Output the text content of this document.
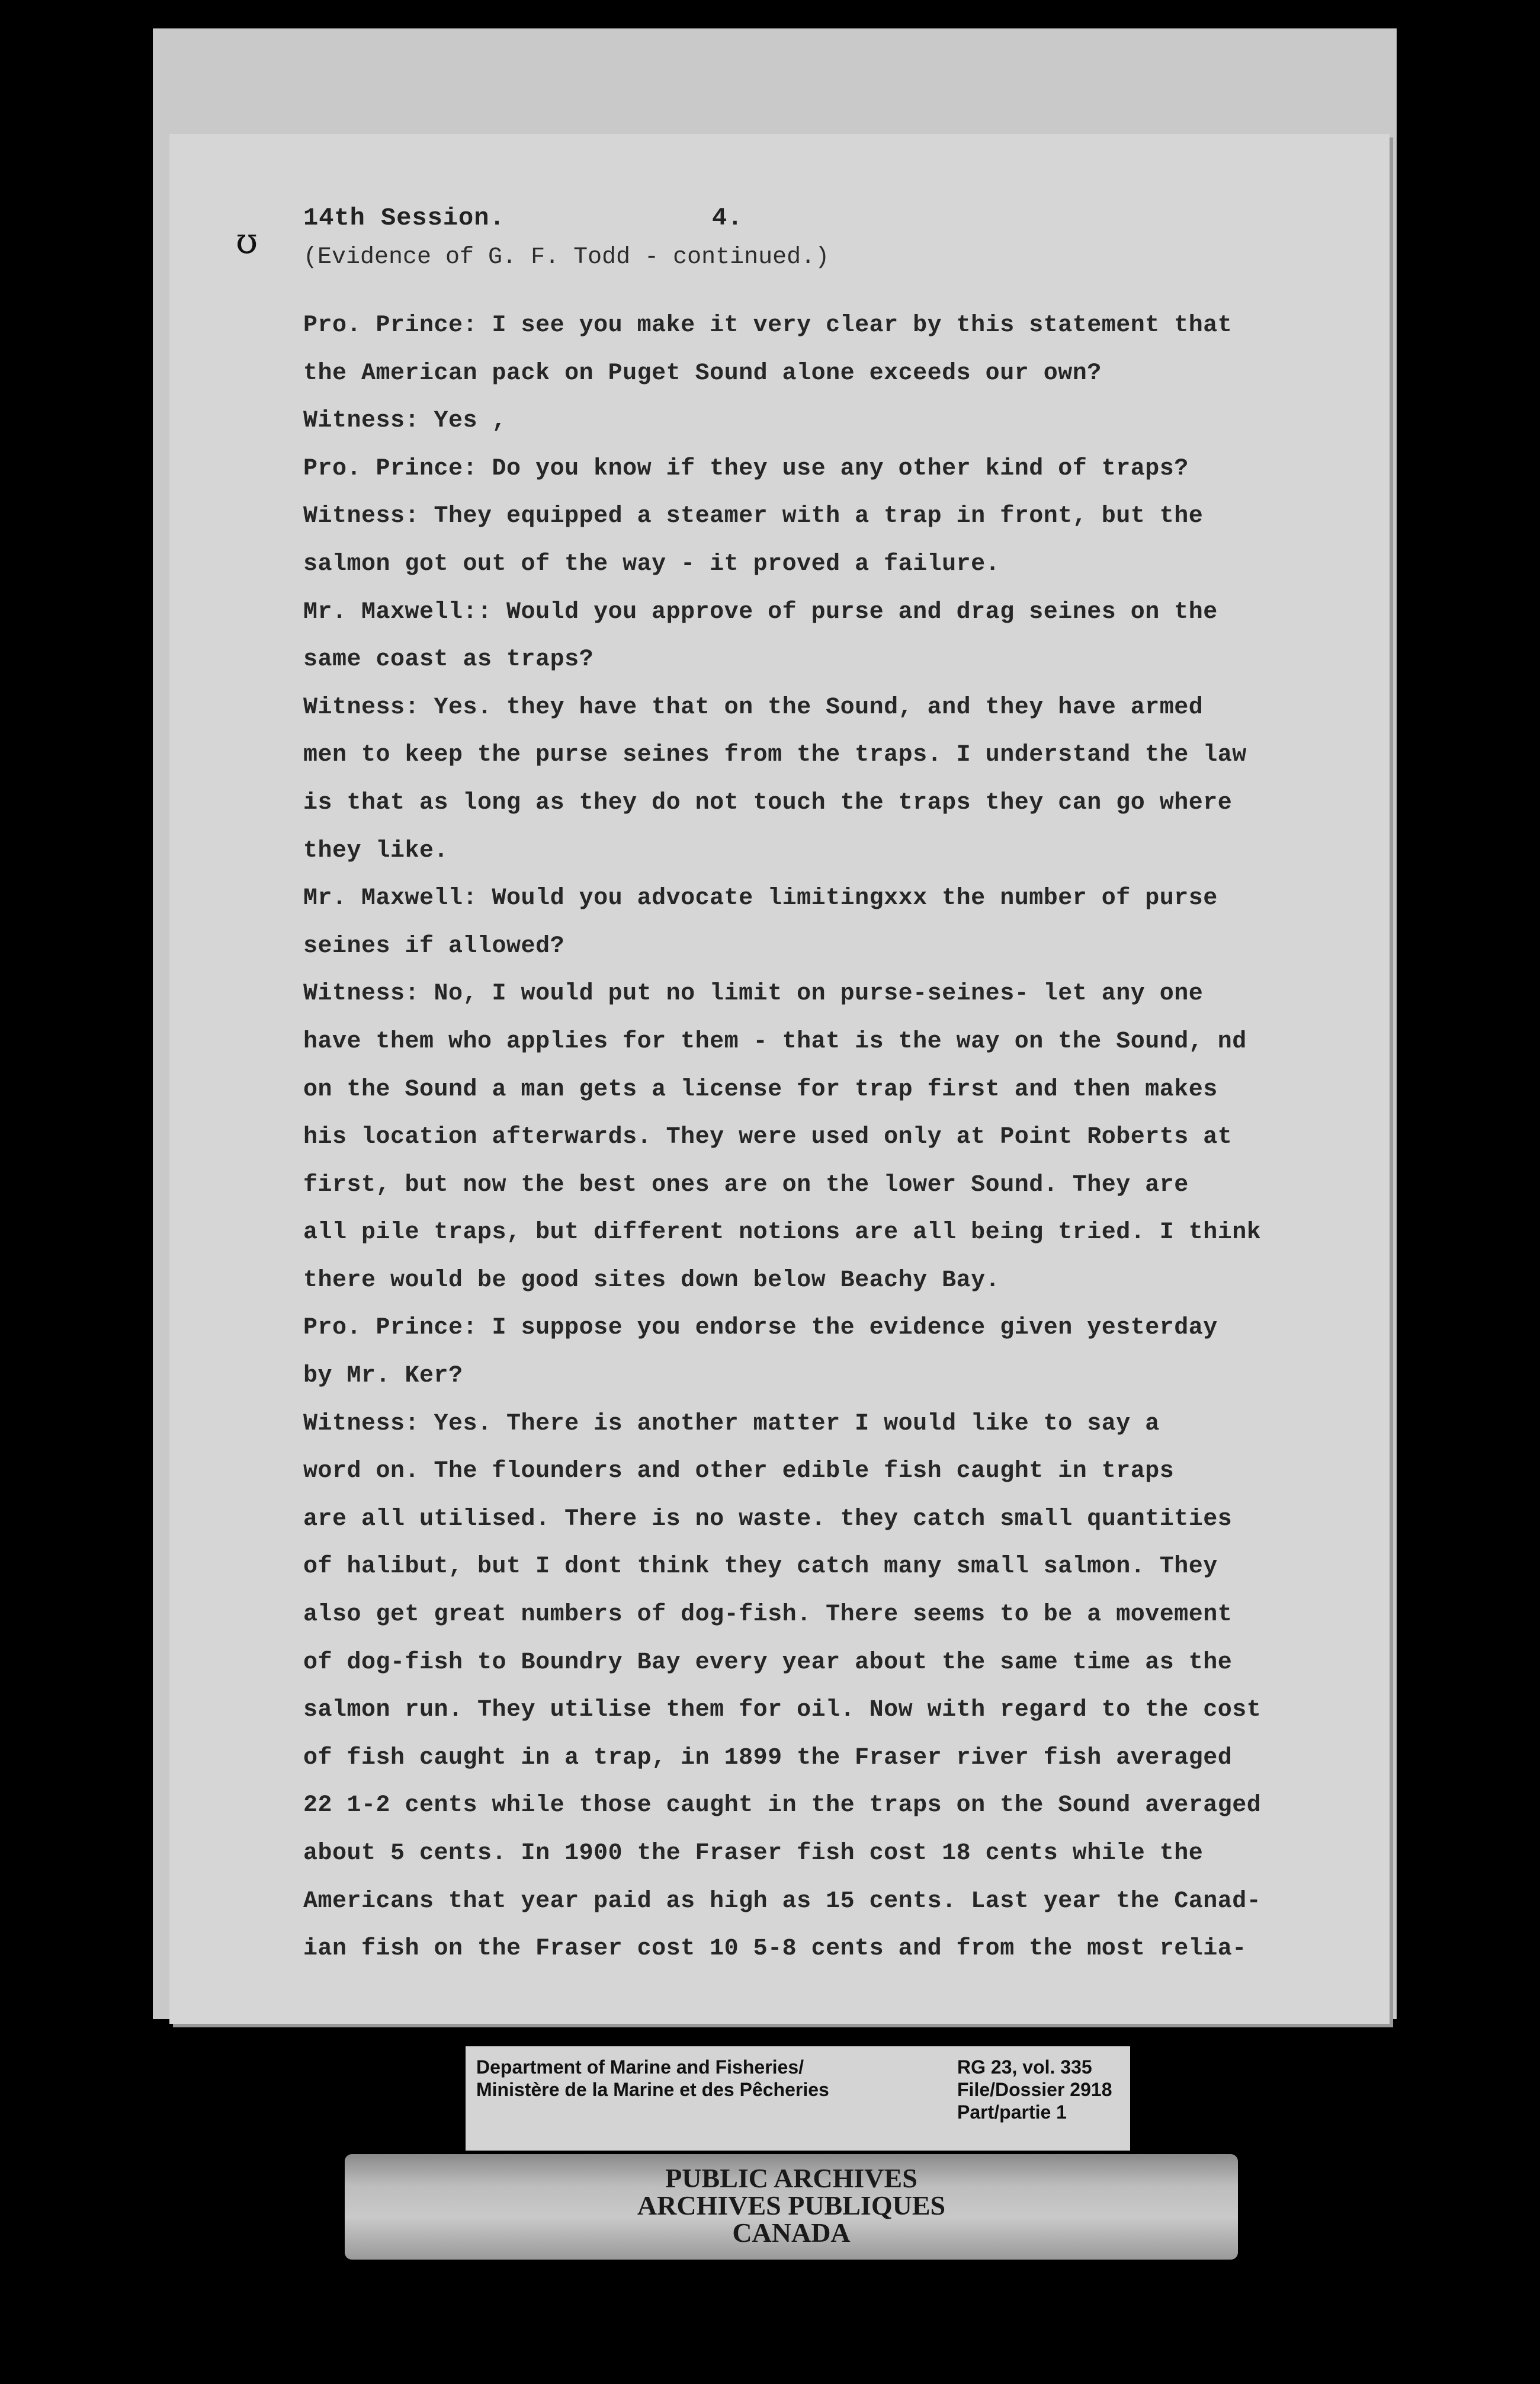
14th Session.	4.
(Evidence of G. F. Todd - continued.)
Pro. Prince: I see you make it very clear by this statement that
the American pack on Puget Sound alone exceeds our own?
Witness: Yes ,
Pro. Prince: Do you know if they use any other kind of traps?
Witness: They equipped a steamer with a trap in front, but the
salmon got out of the way - it proved a failure.
Mr. Maxwell:: Would you approve of purse and drag seines on the
same coast as traps?
Witness: Yes. they have that on the Sound, and they have armed
men to keep the purse seines from the traps. I understand the law
is that as long as they do not touch the traps they can go where
they like.
Mr. Maxwell: Would you advocate limitingxxx the number of purse
seines if allowed?
Witness: No, I would put no limit on purse-seines- let any one
have them who applies for them - that is the way on the Sound, nd
on the Sound a man gets a license for trap first and then makes
his location afterwards. They were used only at Point Roberts at
first, but now the best ones are on the lower Sound. They are
all pile traps, but different notions are all being tried. I think
there would be good sites down below Beachy Bay.
Pro. Prince: I suppose you endorse the evidence given yesterday
by Mr. Ker?
Witness: Yes. There is another matter I would like to say a
word on. The flounders and other edible fish caught in traps
are all utilised. There is no waste. they catch small quantities
of halibut, but I dont think they catch many small salmon. They
also get great numbers of dog-fish. There seems to be a movement
of dog-fish to Boundry Bay every year about the same time as the
salmon run. They utilise them for oil. Now with regard to the cost
of fish caught in a trap, in 1899 the Fraser river fish averaged
22 1-2 cents while those caught in the traps on the Sound averaged
about 5 cents. In 1900 the Fraser fish cost 18 cents while the
Americans that year paid as high as 15 cents. Last year the Canad-
ian fish on the Fraser cost 10 5-8 cents and from the most relia-
ʊ
Department of Marine and Fisheries/
Ministère de la Marine et des Pêcheries
RG 23, vol. 335
File/Dossier 2918
Part/partie 1
PUBLIC ARCHIVES
ARCHIVES PUBLIQUES
CANADA
